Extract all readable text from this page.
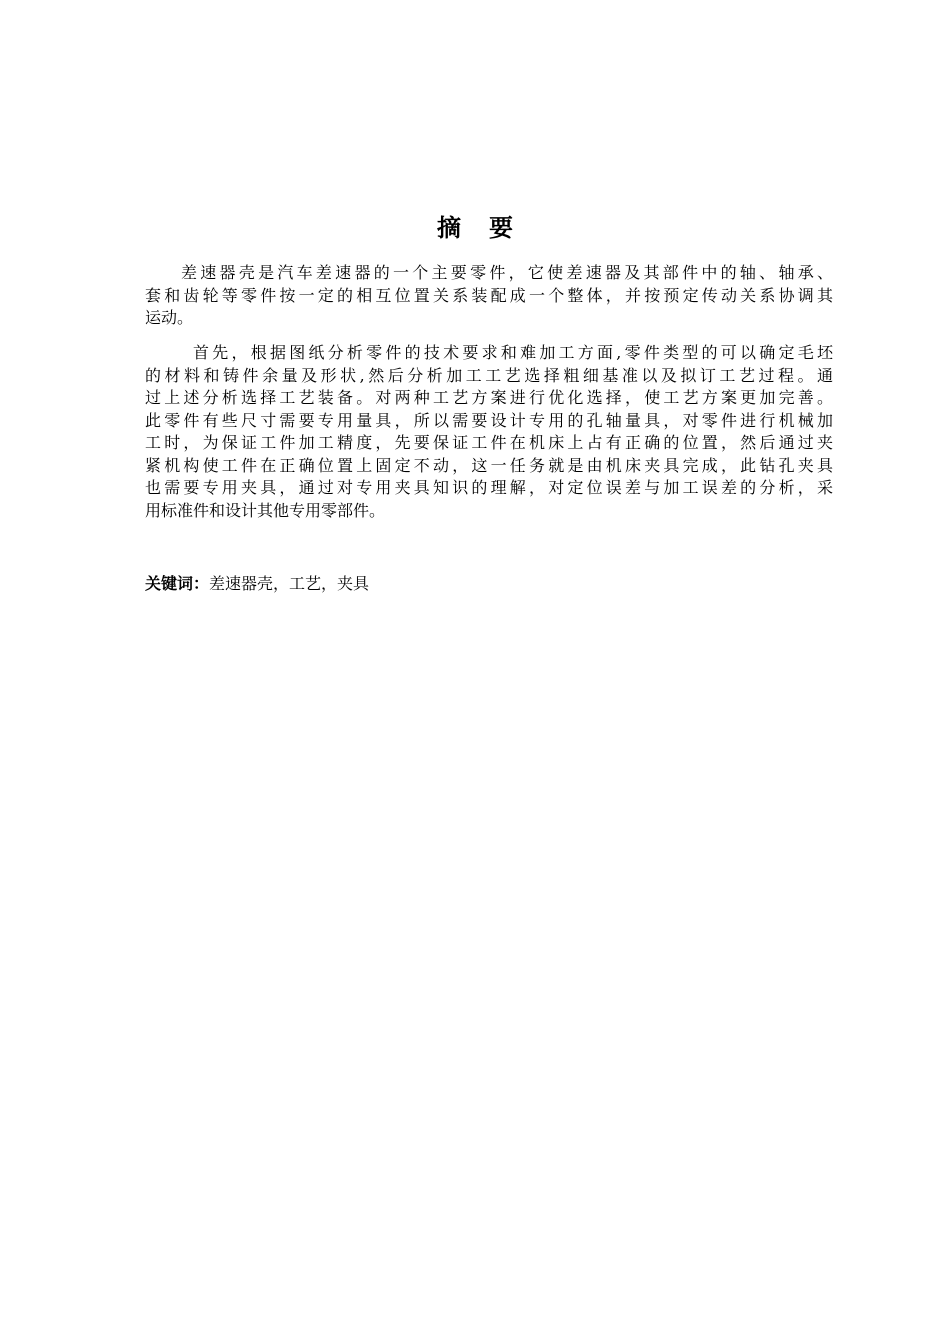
摘 要
差速器壳是汽车差速器的一个主要零件，它使差速器及其部件中的轴、轴承、
套和齿轮等零件按一定的相互位置关系装配成一个整体，并按预定传动关系协调其
运动。
首先，根据图纸分析零件的技术要求和难加工方面,零件类型的可以确定毛坯
的材料和铸件余量及形状,然后分析加工工艺选择粗细基准以及拟订工艺过程。通
过上述分析选择工艺装备。对两种工艺方案进行优化选择，使工艺方案更加完善。
此零件有些尺寸需要专用量具，所以需要设计专用的孔轴量具，对零件进行机械加
工时，为保证工件加工精度，先要保证工件在机床上占有正确的位置，然后通过夹
紧机构使工件在正确位置上固定不动，这一任务就是由机床夹具完成，此钻孔夹具
也需要专用夹具，通过对专用夹具知识的理解，对定位误差与加工误差的分析，采
用标准件和设计其他专用零部件。
关键词：差速器壳，工艺，夹具
